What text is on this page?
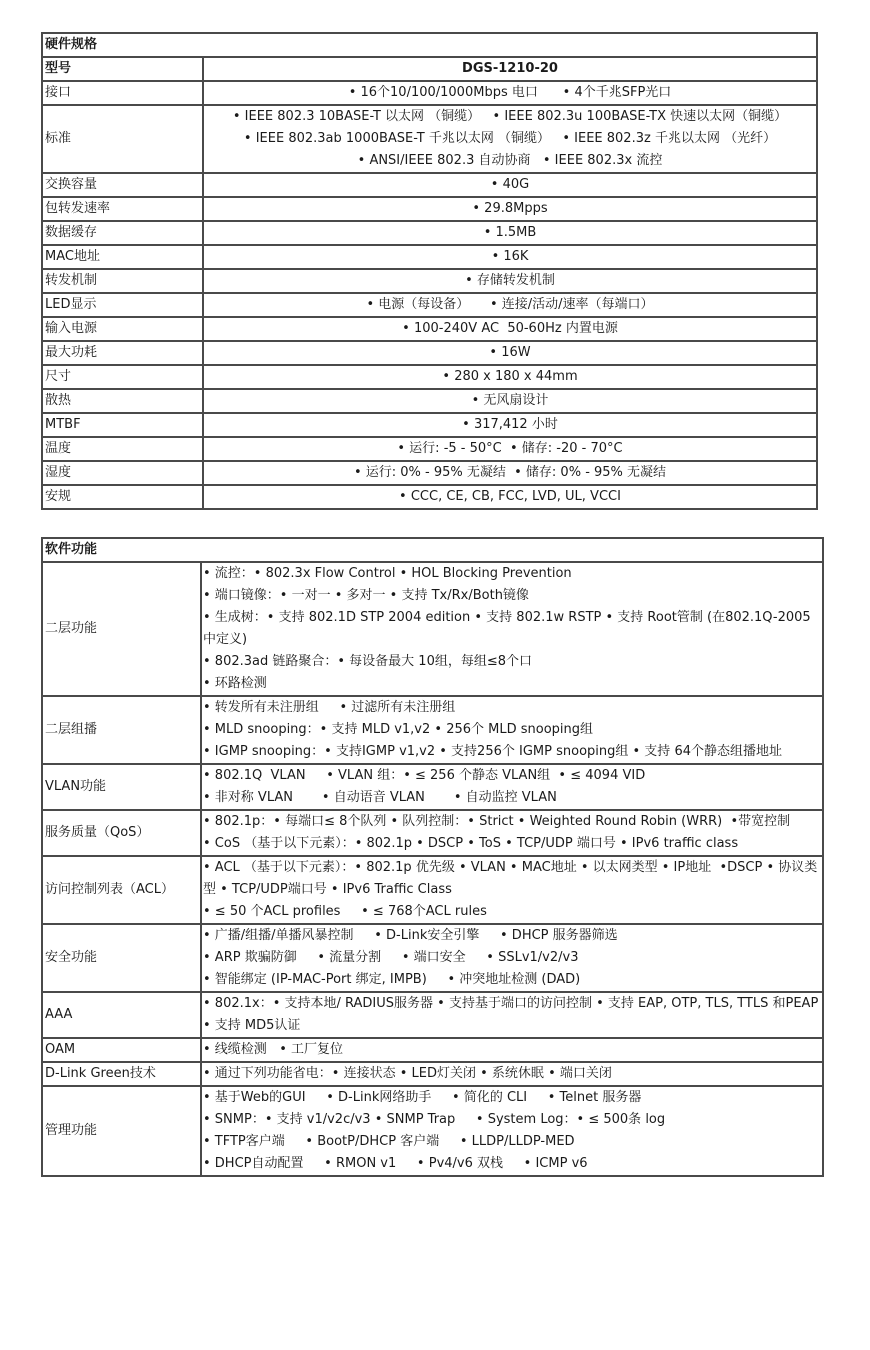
硬件规格	
型号	DGS-1210-20

接口	• 16个10/100/1000Mbps 电口      • 4个千兆SFP光口

标准	• IEEE 802.3 10BASE-T 以太网 （铜缆）   • IEEE 802.3u 100BASE-TX 快速以太网（铜缆）
• IEEE 802.3ab 1000BASE-T 千兆以太网 （铜缆）   • IEEE 802.3z 千兆以太网 （光纤）
• ANSI/IEEE 802.3 自动协商   • IEEE 802.3x 流控

交换容量	• 40G

包转发速率	• 29.8Mpps

数据缓存	• 1.5MB

MAC地址	• 16K

转发机制	• 存储转发机制

LED显示	• 电源（每设备）     • 连接/活动/速率（每端口）

输入电源	• 100-240V AC  50-60Hz 内置电源

最大功耗	• 16W

尺寸	• 280 x 180 x 44mm

散热	• 无风扇设计

MTBF	• 317,412 小时

温度	• 运行: -5 - 50°C  • 储存: -20 - 70°C

湿度	• 运行: 0% - 95% 无凝结  • 储存: 0% - 95% 无凝结

安规	• CCC, CE, CB, FCC, LVD, UL, VCCI
软件功能	
二层功能	• 流控：• 802.3x Flow Control • HOL Blocking Prevention
• 端口镜像：• 一对一 • 多对一 • 支持 Tx/Rx/Both镜像
• 生成树：• 支持 802.1D STP 2004 edition • 支持 802.1w RSTP • 支持 Root管制 (在802.1Q-2005中定义)
• 802.3ad 链路聚合：• 每设备最大 10组，每组≤8个口
• 环路检测

二层组播	• 转发所有未注册组     • 过滤所有未注册组
• MLD snooping：• 支持 MLD v1,v2 • 256个 MLD snooping组
• IGMP snooping：• 支持IGMP v1,v2 • 支持256个 IGMP snooping组 • 支持 64个静态组播地址

VLAN功能	• 802.1Q  VLAN     • VLAN 组：• ≤ 256 个静态 VLAN组  • ≤ 4094 VID
• 非对称 VLAN       • 自动语音 VLAN       • 自动监控 VLAN

服务质量（QoS）	• 802.1p：• 每端口≤ 8个队列 • 队列控制：• Strict • Weighted Round Robin (WRR)  •带宽控制
• CoS （基于以下元素）：• 802.1p • DSCP • ToS • TCP/UDP 端口号 • IPv6 traffic class

访问控制列表（ACL）	• ACL （基于以下元素）：• 802.1p 优先级 • VLAN • MAC地址 • 以太网类型 • IP地址  •DSCP • 协议类型 • TCP/UDP端口号 • IPv6 Traffic Class
• ≤ 50 个ACL profiles     • ≤ 768个ACL rules

安全功能	• 广播/组播/单播风暴控制     • D-Link安全引擎     • DHCP 服务器筛选
• ARP 欺骗防御     • 流量分割     • 端口安全     • SSLv1/v2/v3
• 智能绑定 (IP-MAC-Port 绑定, IMPB)     • 冲突地址检测 (DAD)

AAA	• 802.1x：• 支持本地/ RADIUS服务器 • 支持基于端口的访问控制 • 支持 EAP, OTP, TLS, TTLS 和PEAP • 支持 MD5认证

OAM	• 线缆检测   • 工厂复位

D-Link Green技术	• 通过下列功能省电：• 连接状态 • LED灯关闭 • 系统休眠 • 端口关闭

管理功能	• 基于Web的GUI     • D-Link网络助手     • 简化的 CLI     • Telnet 服务器
• SNMP：• 支持 v1/v2c/v3 • SNMP Trap     • System Log：• ≤ 500条 log
• TFTP客户端     • BootP/DHCP 客户端     • LLDP/LLDP-MED
• DHCP自动配置     • RMON v1     • Pv4/v6 双栈     • ICMP v6
